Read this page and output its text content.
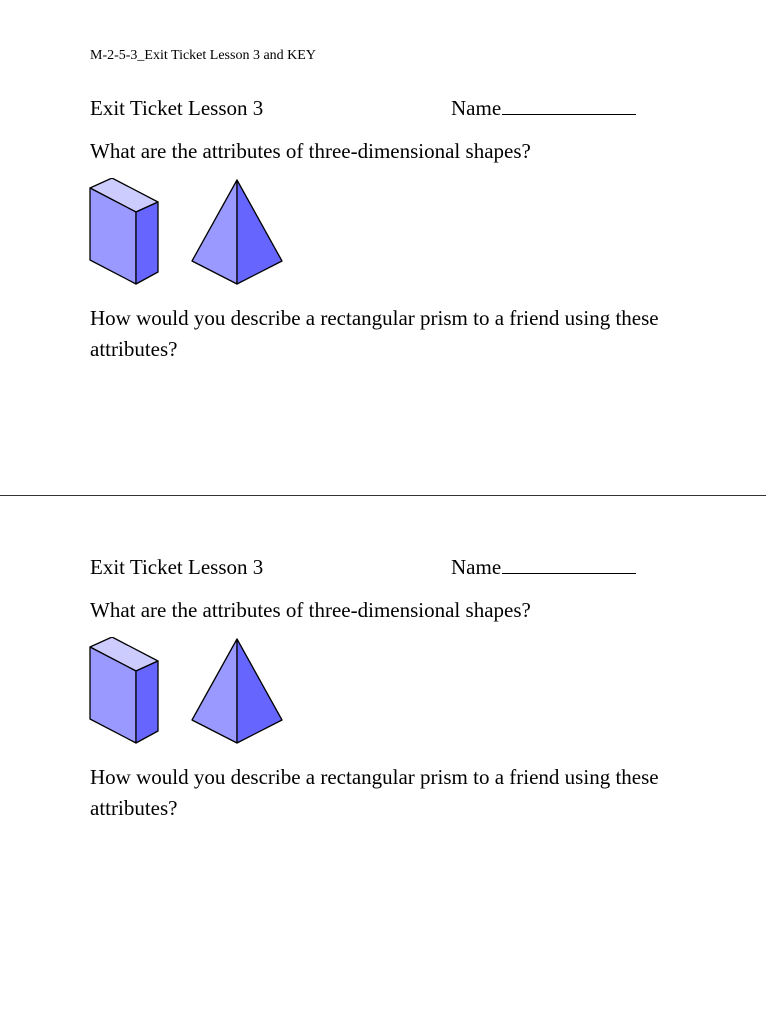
M-2-5-3_Exit Ticket Lesson 3 and KEY
Exit Ticket Lesson 3	Name
What are the attributes of three-dimensional shapes?
How would you describe a rectangular prism to a friend using these attributes?
Exit Ticket Lesson 3	Name
What are the attributes of three-dimensional shapes?
How would you describe a rectangular prism to a friend using these attributes?
